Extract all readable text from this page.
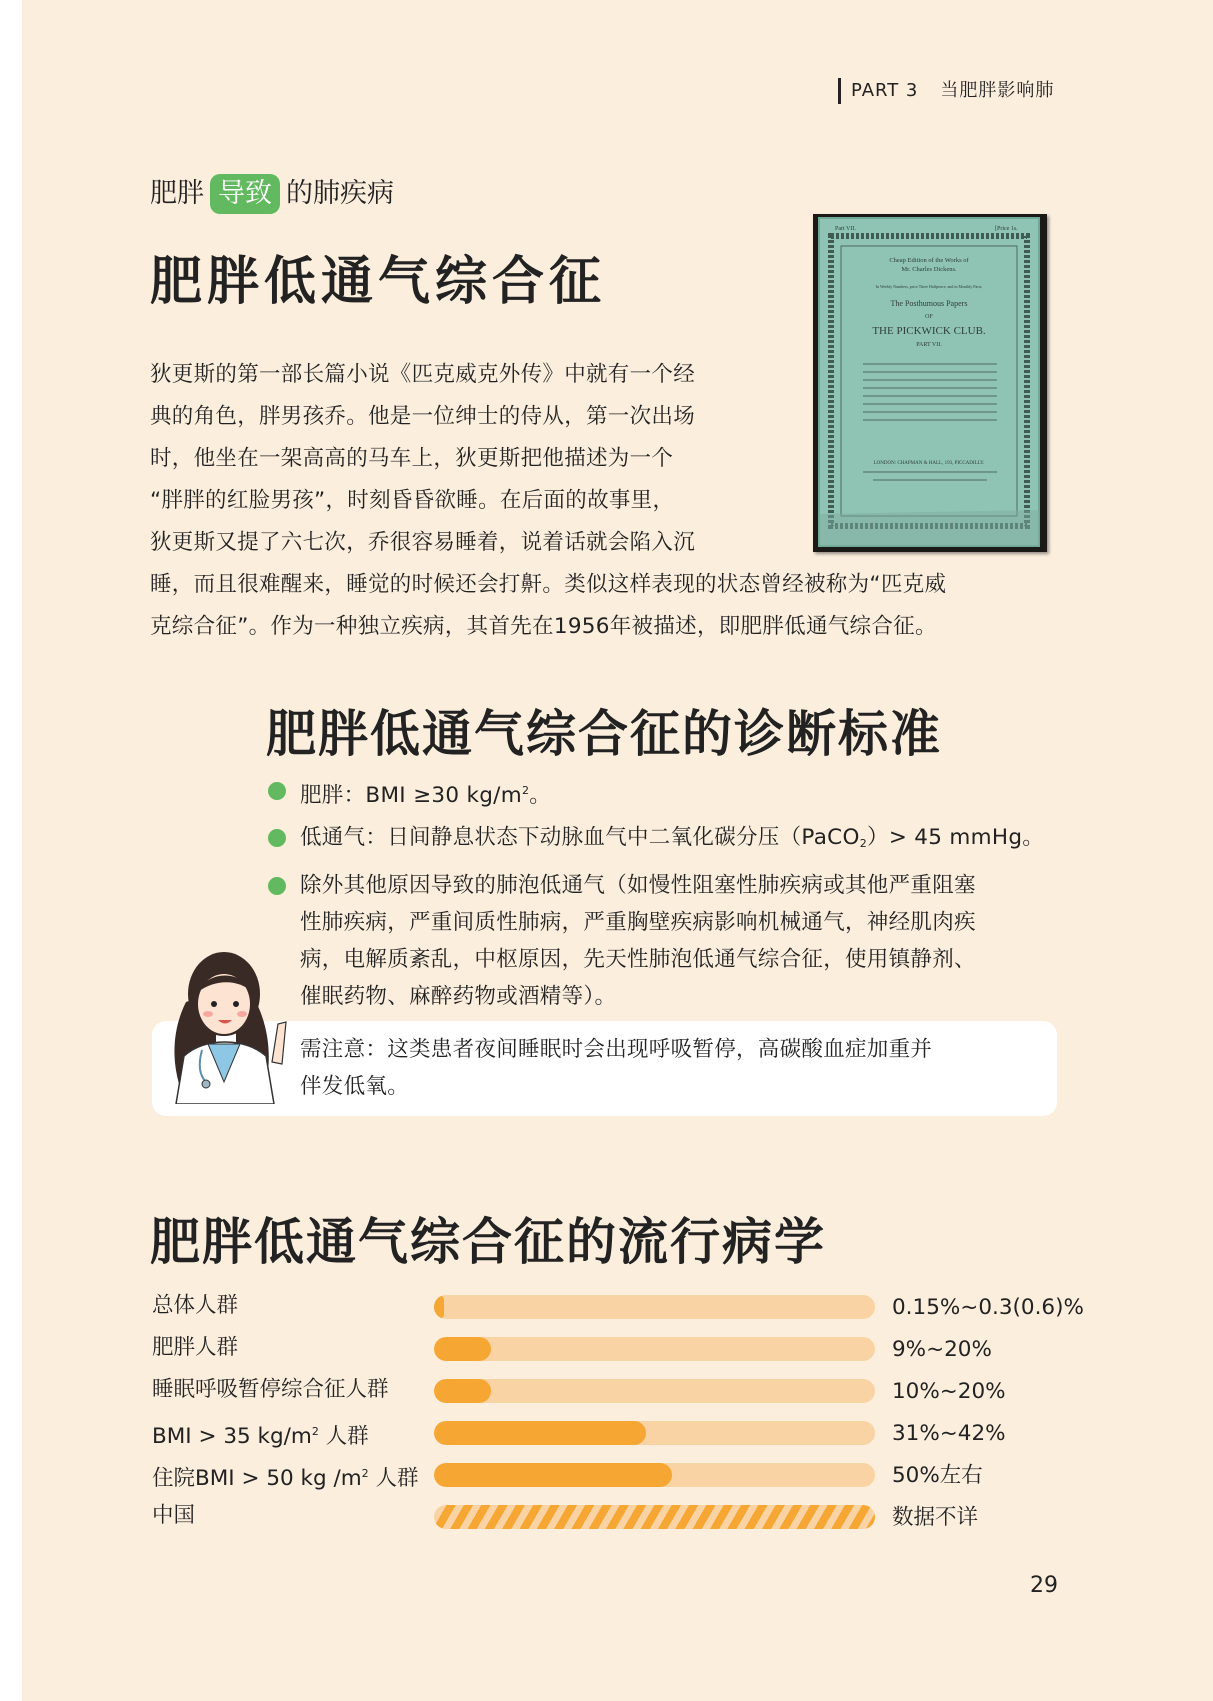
PART 3 当肥胖影响肺
肥胖 导致 的肺疾病
肥胖低通气综合征
Part VII.	[Price 1s.
Cheap Edition of the Works of
Mr. Charles Dickens.
In Weekly Numbers, price Three Halfpence; and in Monthly Parts,
The Posthumous Papers
OF
THE PICKWICK CLUB.
PART VII.
LONDON: CHAPMAN & HALL, 193, PICCADILLY.

狄更斯的第一部长篇小说《匹克威克外传》中就有一个经

典的角色，胖男孩乔。他是一位绅士的侍从，第一次出场

时，他坐在一架高高的马车上，狄更斯把他描述为一个

“胖胖的红脸男孩”，时刻昏昏欲睡。在后面的故事里，

狄更斯又提了六七次，乔很容易睡着，说着话就会陷入沉

睡，而且很难醒来，睡觉的时候还会打鼾。类似这样表现的状态曾经被称为“匹克威

克综合征”。作为一种独立疾病，其首先在1956年被描述，即肥胖低通气综合征。

肥胖低通气综合征的诊断标准
肥胖：BMI ≥30 $kg/m^2$。
低通气：日间静息状态下动脉血气中二氧化碳分压（PaCO$_2$）> 45 mmHg。
除外其他原因导致的肺泡低通气（如慢性阻塞性肺疾病或其他严重阻塞
性肺疾病，严重间质性肺病，严重胸壁疾病影响机械通气，神经肌肉疾
病，电解质紊乱，中枢原因，先天性肺泡低通气综合征，使用镇静剂、
催眠药物、麻醉药物或酒精等）。

需注意：这类患者夜间睡眠时会出现呼吸暂停，高碳酸血症加重并
伴发低氧。

肥胖低通气综合征的流行病学
总体人群	0.15%~0.3(0.6)%
肥胖人群	9%~20%
睡眠呼吸暂停综合征人群	10%~20%
BMI > 35 $kg/m^2$ 人群	31%~42%
住院BMI > 50 kg $/m^2$ 人群	50%左右
中国	数据不详
29
